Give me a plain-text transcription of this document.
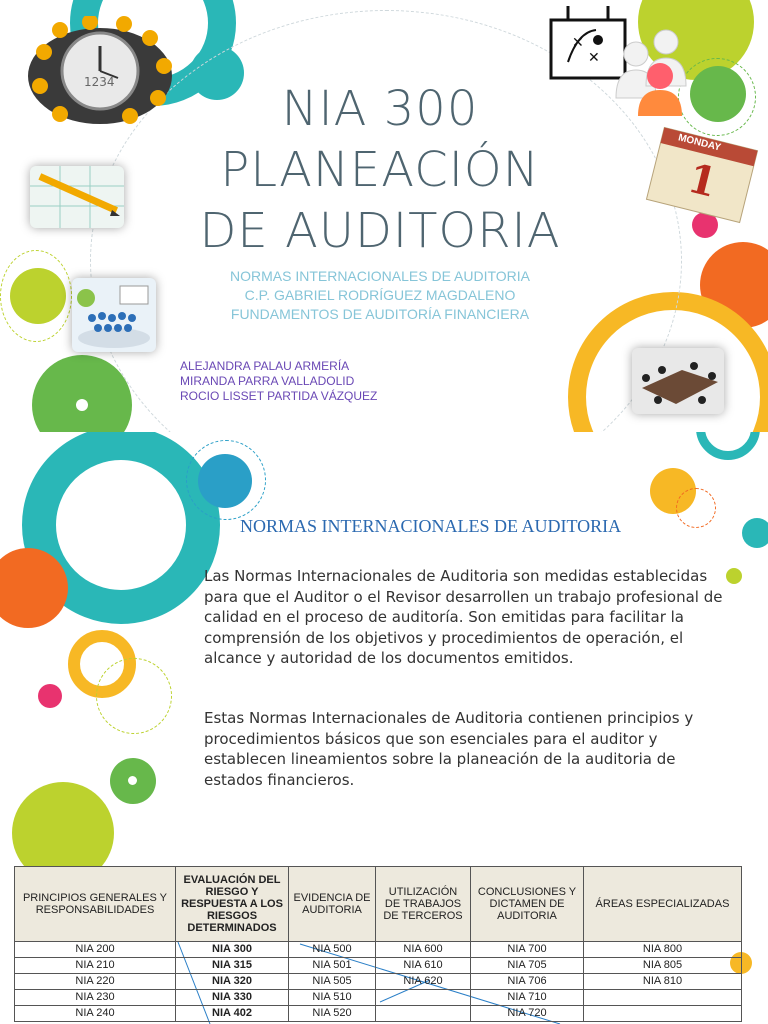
1234
✕
✕
1
MONDAY
NIA 300
PLANEACIÓN
DE AUDITORIA
NORMAS INTERNACIONALES DE AUDITORIA
C.P. GABRIEL RODRÍGUEZ MAGDALENO
FUNDAMENTOS DE AUDITORÍA FINANCIERA
ALEJANDRA PALAU ARMERÍA
MIRANDA PARRA VALLADOLID
ROCIO LISSET PARTIDA VÁZQUEZ
NORMAS INTERNACIONALES DE AUDITORIA
Las Normas Internacionales de Auditoria son medidas establecidas para que el Auditor o el Revisor desarrollen un trabajo profesional de calidad en el proceso de auditoría. Son emitidas para facilitar la comprensión de los objetivos y procedimientos de operación, el alcance y autoridad de los documentos emitidos.
Estas Normas Internacionales de Auditoria contienen principios y procedimientos básicos que son esenciales para el auditor y establecen lineamientos sobre la planeación de la auditoria de estados financieros.
PRINCIPIOS GENERALES Y RESPONSABILIDADES	EVALUACIÓN DEL RIESGO Y RESPUESTA A LOS RIESGOS DETERMINADOS	EVIDENCIA DE AUDITORIA	UTILIZACIÓN DE TRABAJOS DE TERCEROS	CONCLUSIONES Y DICTAMEN DE AUDITORIA	ÁREAS ESPECIALIZADAS
NIA 200	NIA 300	NIA 500	NIA 600	NIA 700	NIA 800
NIA 210	NIA 315	NIA 501	NIA 610	NIA 705	NIA 805
NIA 220	NIA 320	NIA 505	NIA 620	NIA 706	NIA 810
NIA 230	NIA 330	NIA 510		NIA 710	
NIA 240	NIA 402	NIA 520		NIA 720	
